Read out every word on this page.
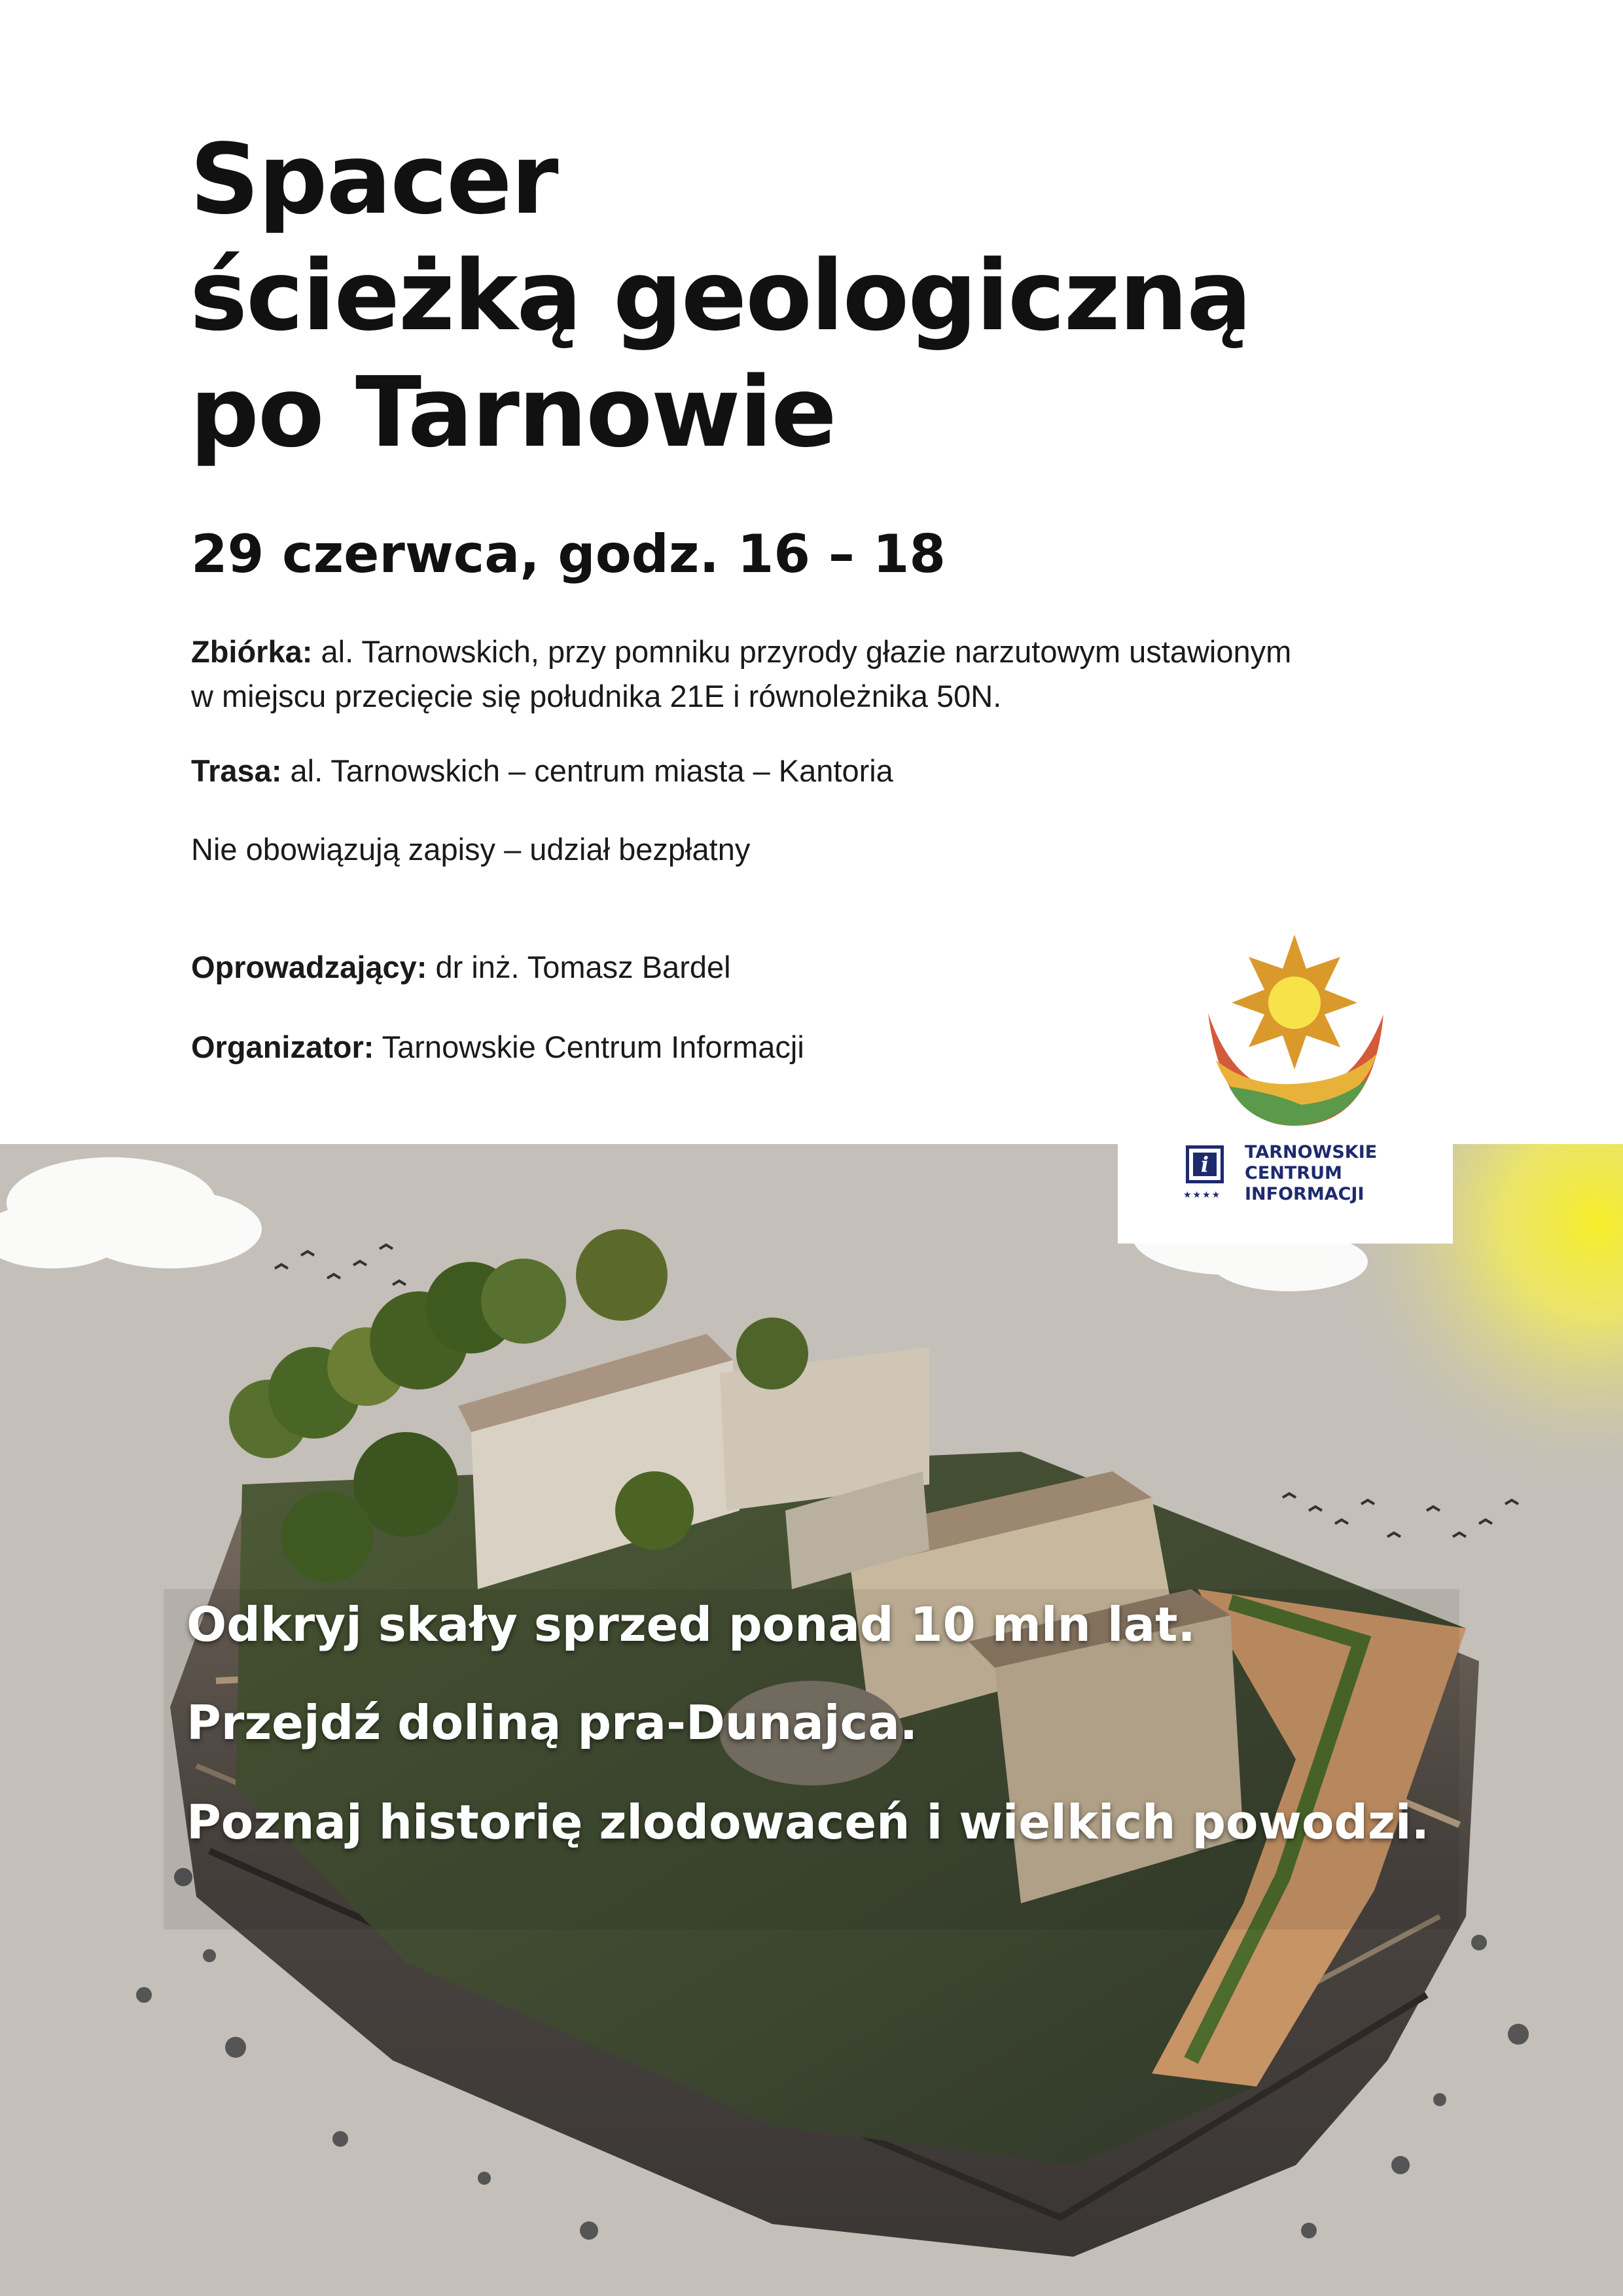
Spacer
ścieżką geologiczną
po Tarnowie
29 czerwca, godz. 16 – 18
Zbiórka: al. Tarnowskich, przy pomniku przyrody głazie narzutowym ustawionym
w miejscu przecięcie się południka 21E i równoleżnika 50N.
Trasa: al. Tarnowskich – centrum miasta – Kantoria
Nie obowiązują zapisy – udział bezpłatny
Oprowadzający: dr inż. Tomasz Bardel
Organizator: Tarnowskie Centrum Informacji
Odkryj skały sprzed ponad 10 mln lat.
Przejdź doliną pra-Dunajca.
Poznaj historię zlodowaceń i wielkich powodzi.
i
★★★★
TARNOWSKIE
CENTRUM
INFORMACJI
